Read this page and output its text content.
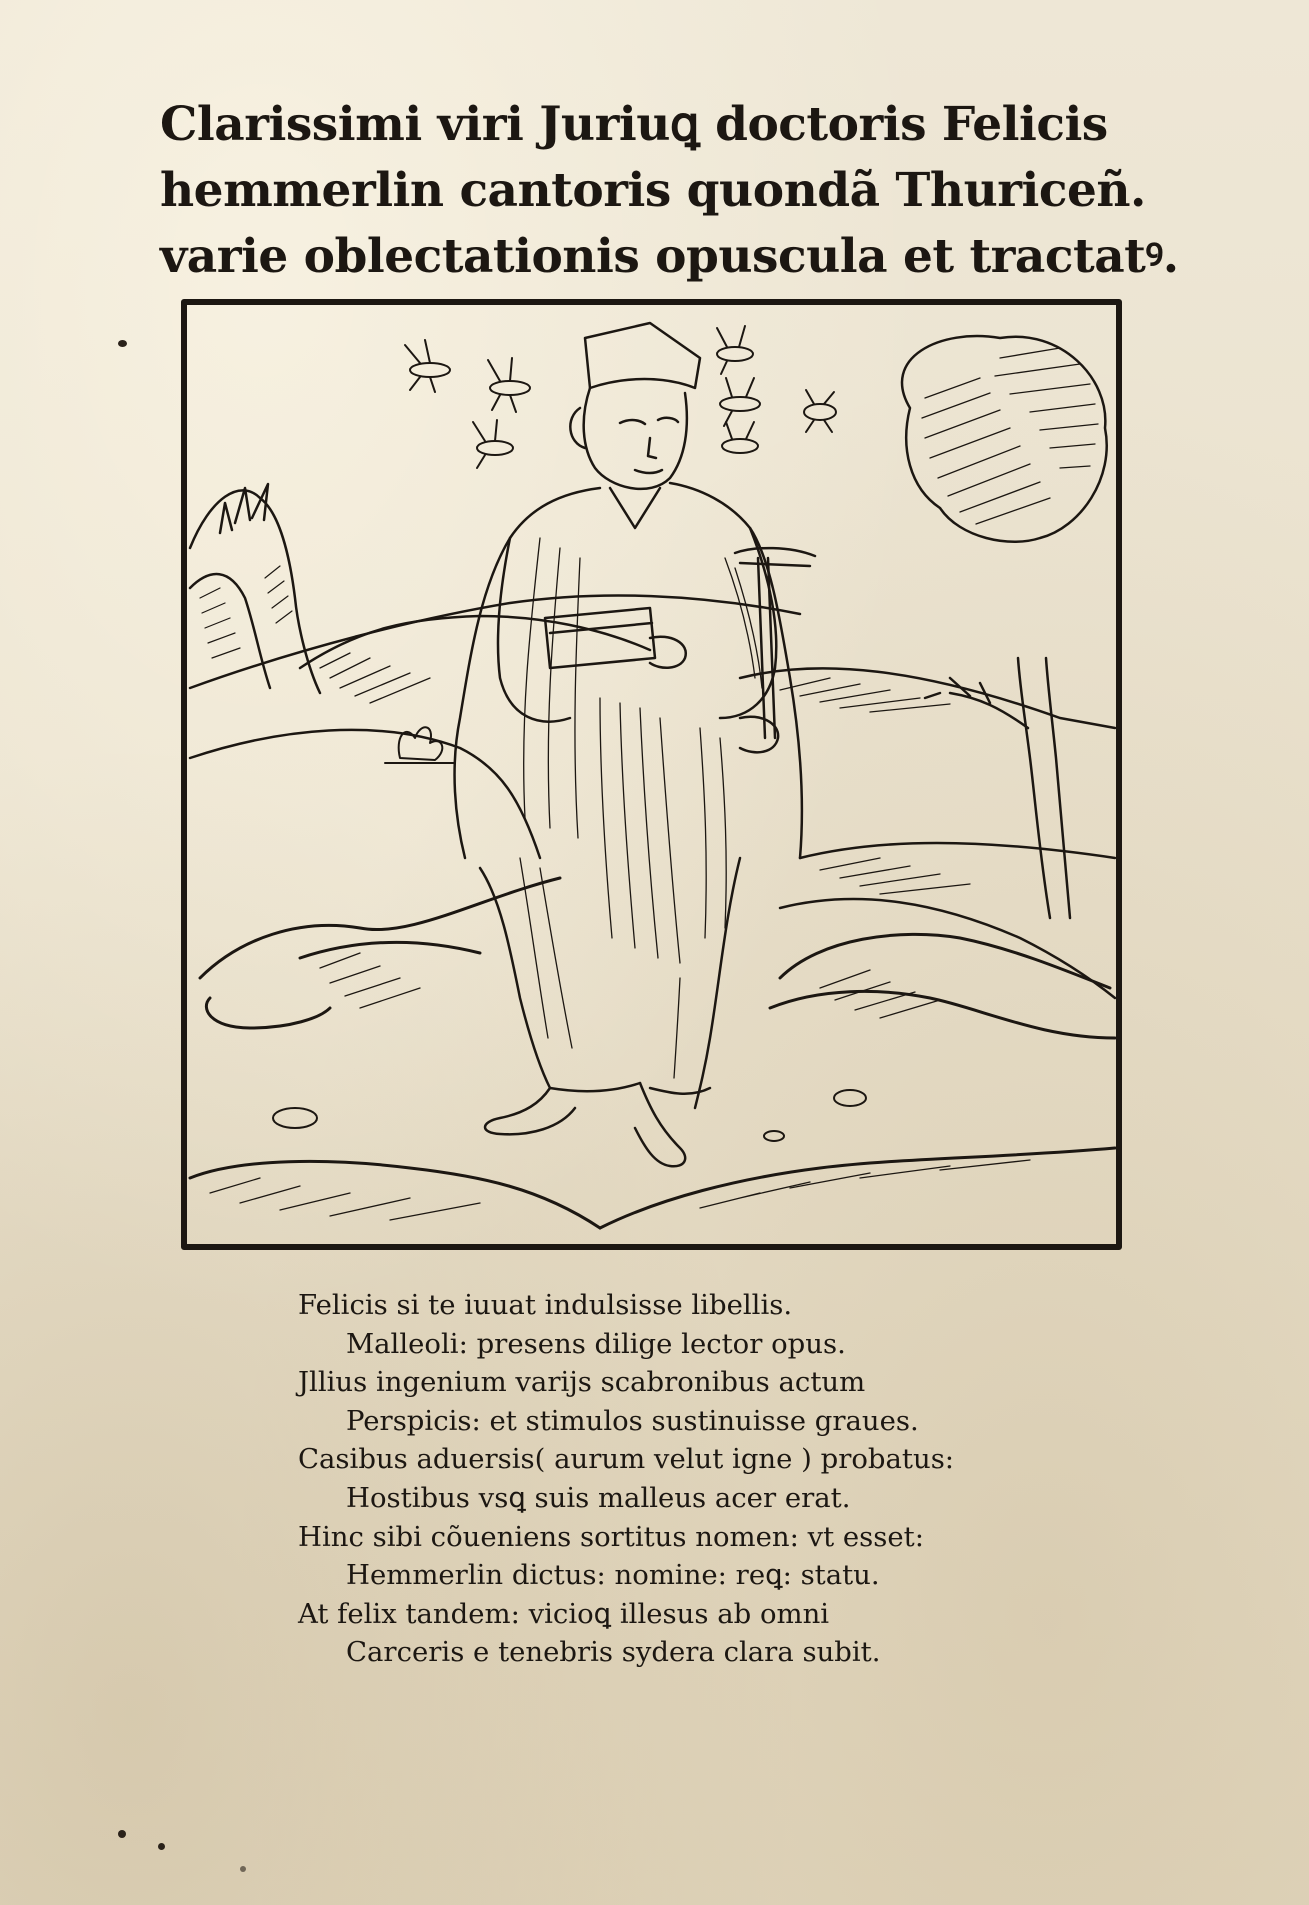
Clarissimi viri Juriuꝗ doctoris Felicis
hemmerlin cantoris quondã Thuriceñ.
varie oblectationis opuscula et tractatꝰ.
Felicis si te iuuat indulsisse libellis.
Malleoli: presens dilige lector opus.
Jllius ingenium varijs scabronibus actum
Perspicis: et stimulos sustinuisse graues.
Casibus aduersis( aurum velut igne ) probatus:
Hostibus vsꝗ suis malleus acer erat.
Hinc sibi cõueniens sortitus nomen: vt esset:
Hemmerlin dictus: nomine: reꝗ: statu.
At felix tandem: vicioꝗ illesus ab omni
Carceris e tenebris sydera clara subit.
